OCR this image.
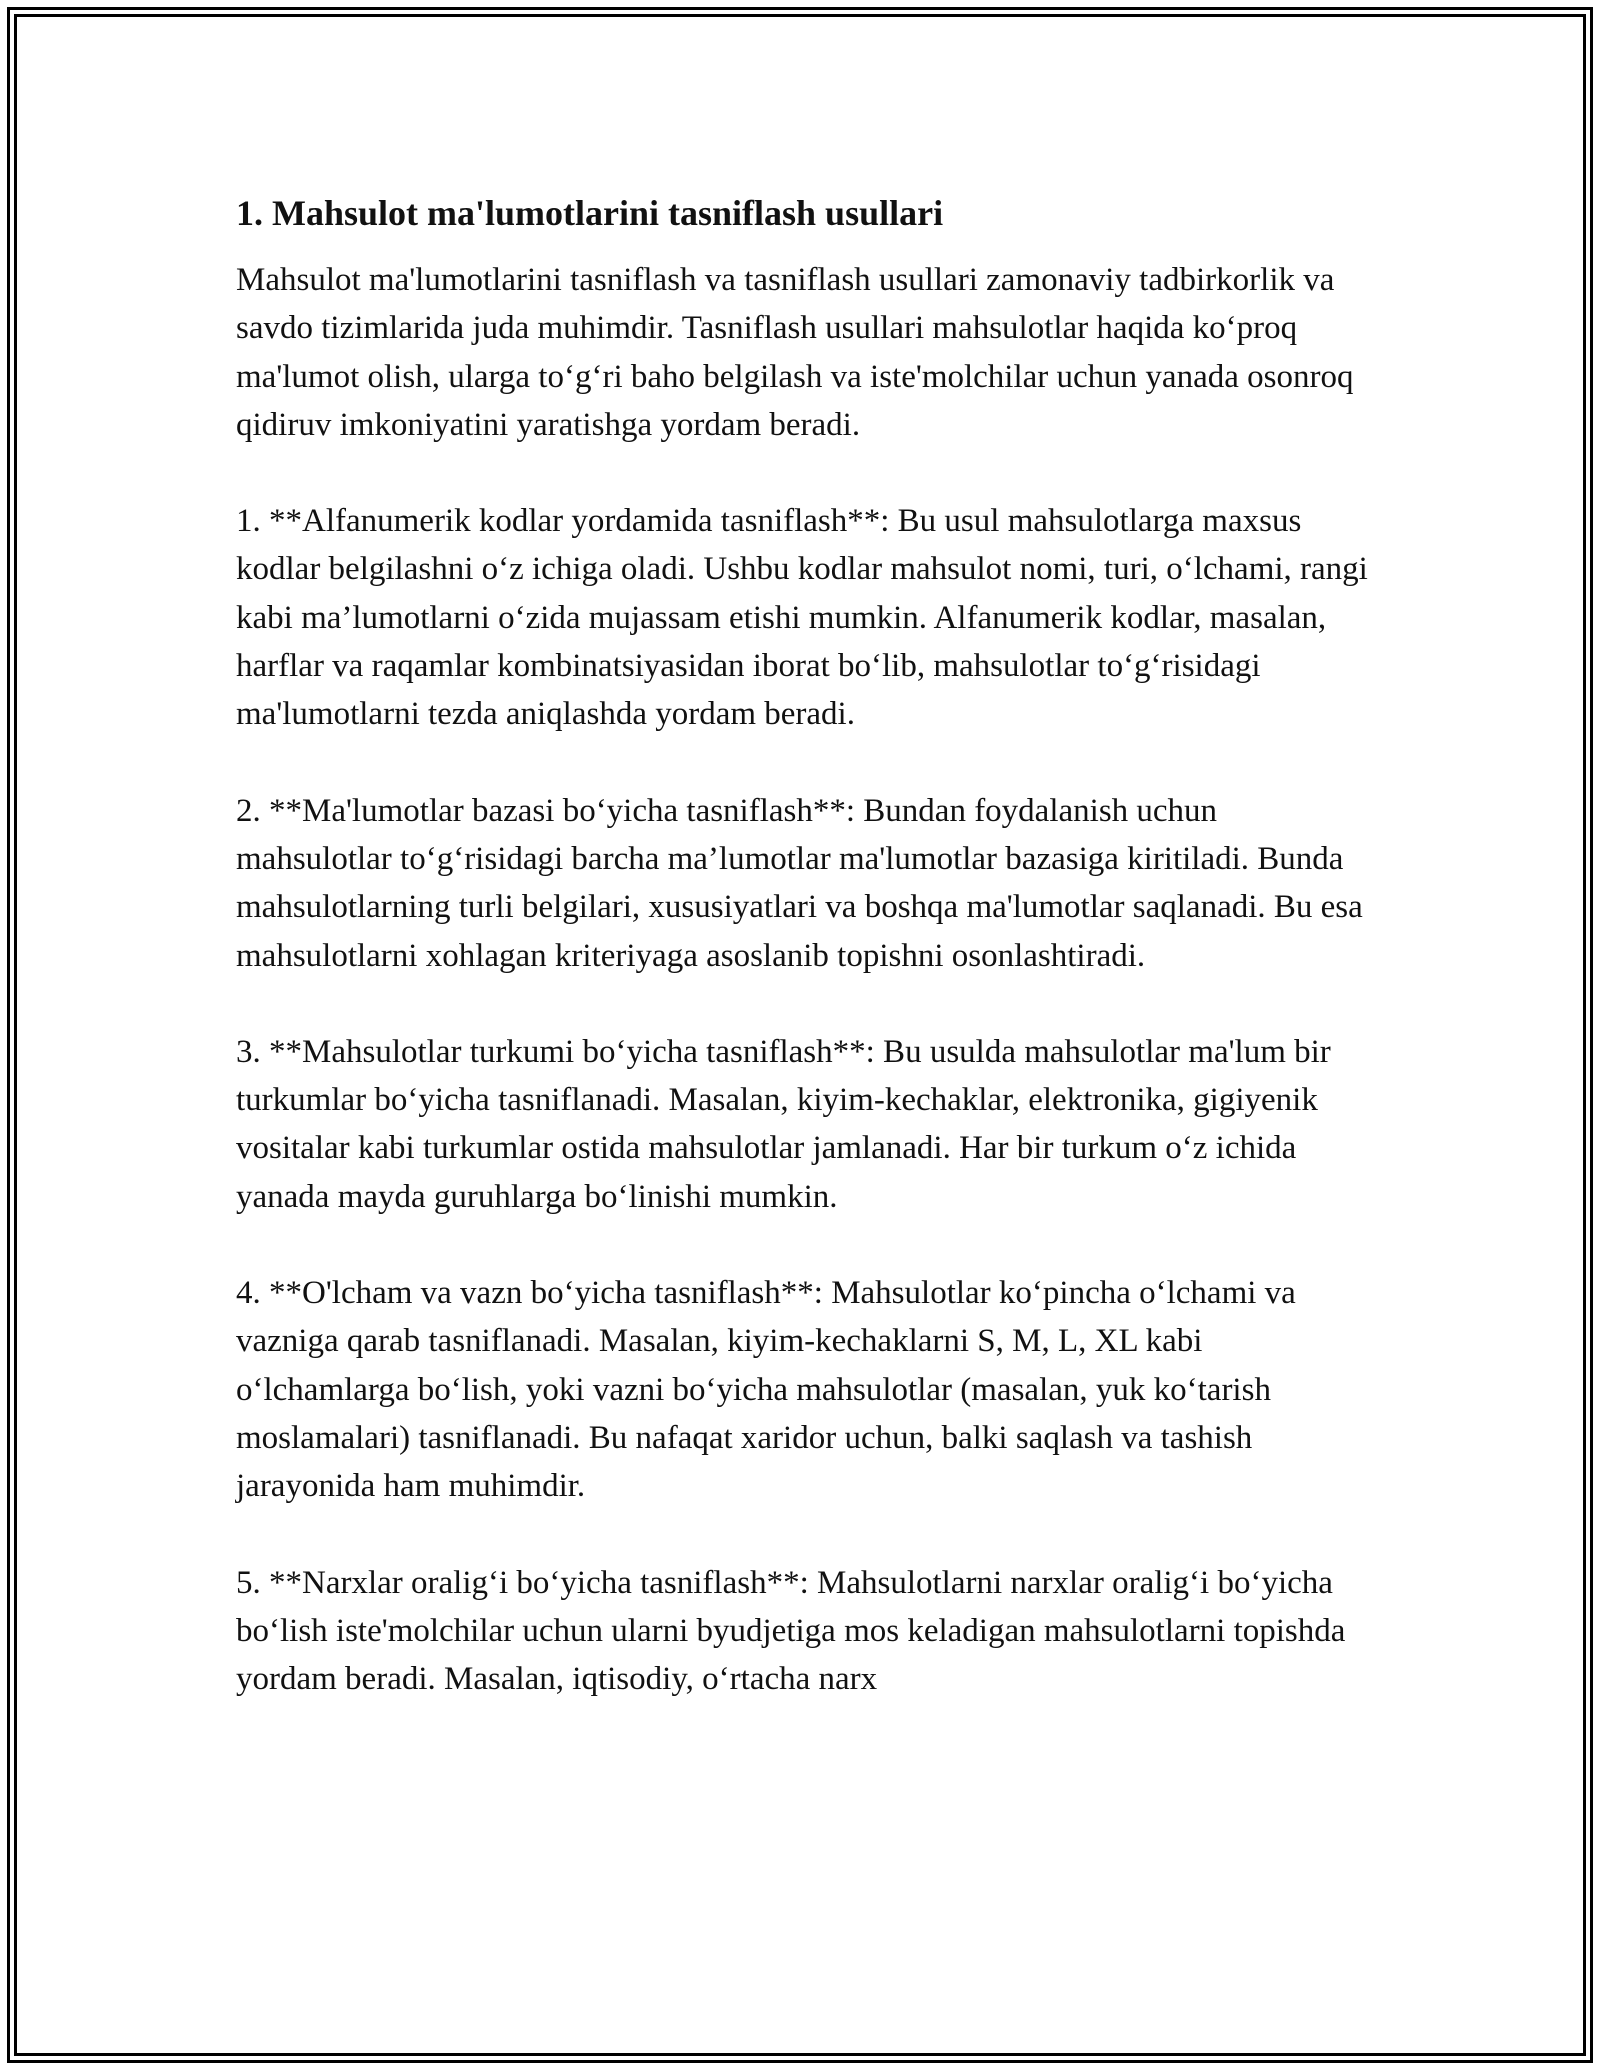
1. Mahsulot ma'lumotlarini tasniflash usullari

Mahsulot ma'lumotlarini tasniflash va tasniflash usullari zamonaviy tadbirkorlik va savdo tizimlarida juda muhimdir. Tasniflash usullari mahsulotlar haqida ko‘proq ma'lumot olish, ularga to‘g‘ri baho belgilash va iste'molchilar uchun yanada osonroq qidiruv imkoniyatini yaratishga yordam beradi.

1. **Alfanumerik kodlar yordamida tasniflash**: Bu usul mahsulotlarga maxsus kodlar belgilashni o‘z ichiga oladi. Ushbu kodlar mahsulot nomi, turi, o‘lchami, rangi kabi ma’lumotlarni o‘zida mujassam etishi mumkin. Alfanumerik kodlar, masalan, harflar va raqamlar kombinatsiyasidan iborat bo‘lib, mahsulotlar to‘g‘risidagi ma'lumotlarni tezda aniqlashda yordam beradi.

2. **Ma'lumotlar bazasi bo‘yicha tasniflash**: Bundan foydalanish uchun mahsulotlar to‘g‘risidagi barcha ma’lumotlar ma'lumotlar bazasiga kiritiladi. Bunda mahsulotlarning turli belgilari, xususiyatlari va boshqa ma'lumotlar saqlanadi. Bu esa mahsulotlarni xohlagan kriteriyaga asoslanib topishni osonlashtiradi.

3. **Mahsulotlar turkumi bo‘yicha tasniflash**: Bu usulda mahsulotlar ma'lum bir turkumlar bo‘yicha tasniflanadi. Masalan, kiyim-kechaklar, elektronika, gigiyenik vositalar kabi turkumlar ostida mahsulotlar jamlanadi. Har bir turkum o‘z ichida yanada mayda guruhlarga bo‘linishi mumkin.

4. **O'lcham va vazn bo‘yicha tasniflash**: Mahsulotlar ko‘pincha o‘lchami va vazniga qarab tasniflanadi. Masalan, kiyim-kechaklarni S, M, L, XL kabi o‘lchamlarga bo‘lish, yoki vazni bo‘yicha mahsulotlar (masalan, yuk ko‘tarish moslamalari) tasniflanadi. Bu nafaqat xaridor uchun, balki saqlash va tashish jarayonida ham muhimdir.

5. **Narxlar oralig‘i bo‘yicha tasniflash**: Mahsulotlarni narxlar oralig‘i bo‘yicha bo‘lish iste'molchilar uchun ularni byudjetiga mos keladigan mahsulotlarni topishda yordam beradi. Masalan, iqtisodiy, o‘rtacha narx
